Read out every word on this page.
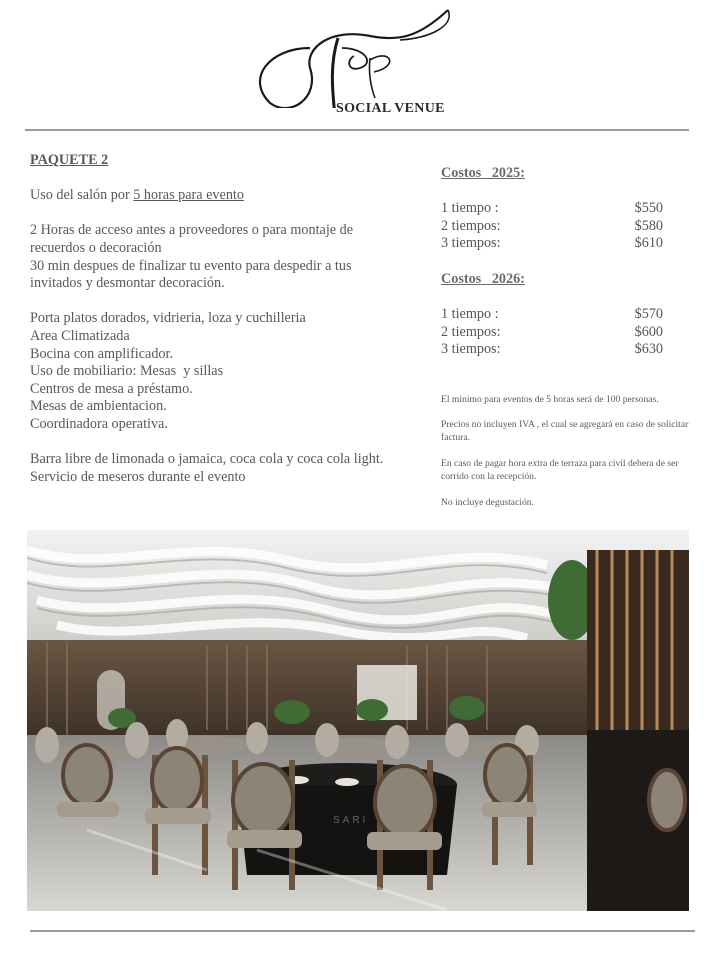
SOCIAL VENUE
PAQUETE 2
Uso del salón por 5 horas para evento
2 Horas de acceso antes a proveedores o para montaje de
recuerdos o decoración
30 min despues de finalizar tu evento para despedir a tus
invitados y desmontar decoración.
Porta platos dorados, vidrieria, loza y cuchilleria
Area Climatizada
Bocina con amplificador.
Uso de mobiliario: Mesas  y sillas
Centros de mesa a préstamo.
Mesas de ambientacion.
Coordinadora operativa.
Barra libre de limonada o jamaica, coca cola y coca cola light.
Servicio de meseros durante el evento
Costos   2025:
1 tiempo :	$550
2 tiempos:	$580
3 tiempos:	$610
Costos   2026:
1 tiempo :	$570
2 tiempos:	$600
3 tiempos:	$630
El minimo para eventos de 5 horas será de 100 personas.
Precios no incluyen IVA , el cual se agregará en caso de solicitar factura.
En caso de pagar hora extra de terraza para civil debera de ser corrido con la recepción.
No incluye degustación.
SARI
